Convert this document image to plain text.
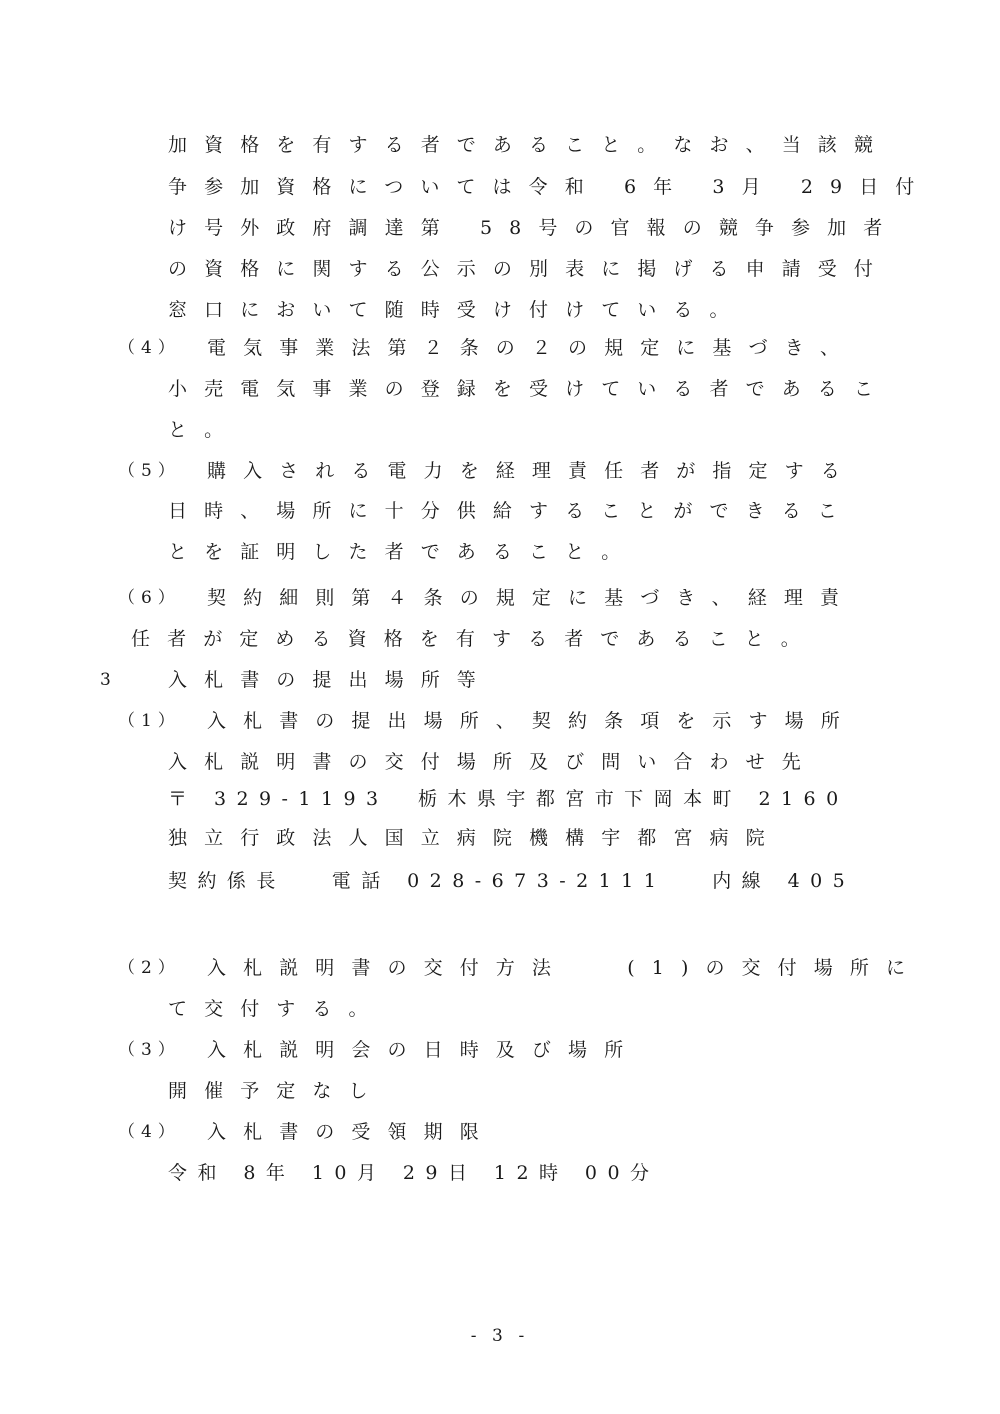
加資格を有する者であること。なお、当該競
争参加資格については令和 6年 3月 29日付
け号外政府調達第 58号の官報の競争参加者
の資格に関する公示の別表に掲げる申請受付
窓口において随時受け付けている。
（4） 電気事業法第２条の２の規定に基づき、
小売電気事業の登録を受けている者であるこ
と。
（5） 購入される電力を経理責任者が指定する
日時、場所に十分供給することができるこ
とを証明した者であること。
（6） 契約細則第４条の規定に基づき、経理責
任者が定める資格を有する者であること。
3	入札書の提出場所等
（1） 入札書の提出場所、契約条項を示す場所
入札説明書の交付場所及び問い合わせ先
〒 329-1193　栃木県宇都宮市下岡本町 2160
独立行政法人国立病院機構宇都宮病院
契約係長　 電話 028-673-2111　 内線 405
（2） 入札説明書の交付方法　 (1)の交付場所に
て交付する。
（3） 入札説明会の日時及び場所
開催予定なし
（4） 入札書の受領期限
令和 8年 10月 29日 12時 00分
- 3 -
